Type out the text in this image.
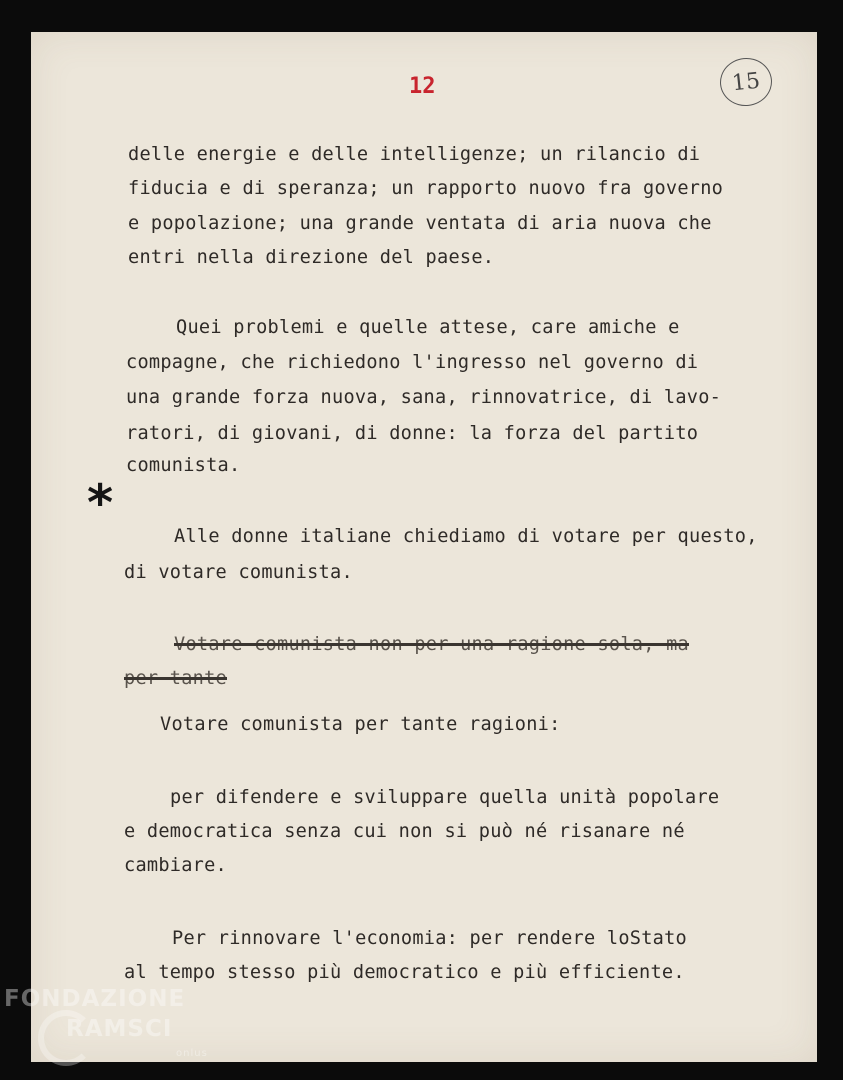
12	15
delle energie e delle intelligenze; un rilancio di
fiducia e di speranza; un rapporto nuovo fra governo
e popolazione; una grande ventata di aria nuova che
entri nella direzione del paese.
Quei problemi e quelle attese, care amiche e
compagne, che richiedono l'ingresso nel governo di
una grande forza nuova, sana, rinnovatrice, di lavo-
ratori, di giovani, di donne: la forza del partito
comunista.
*
Alle donne italiane chiediamo di votare per questo,
di votare comunista.
Votare comunista non per una ragione sola, ma
per tante
Votare comunista per tante ragioni:
per difendere e sviluppare quella unità popolare
e democratica senza cui non si può né risanare né
cambiare.
Per rinnovare l'economia: per rendere loStato
al tempo stesso più democratico e più efficiente.
FONDAZIONE
RAMSCI
onlus
